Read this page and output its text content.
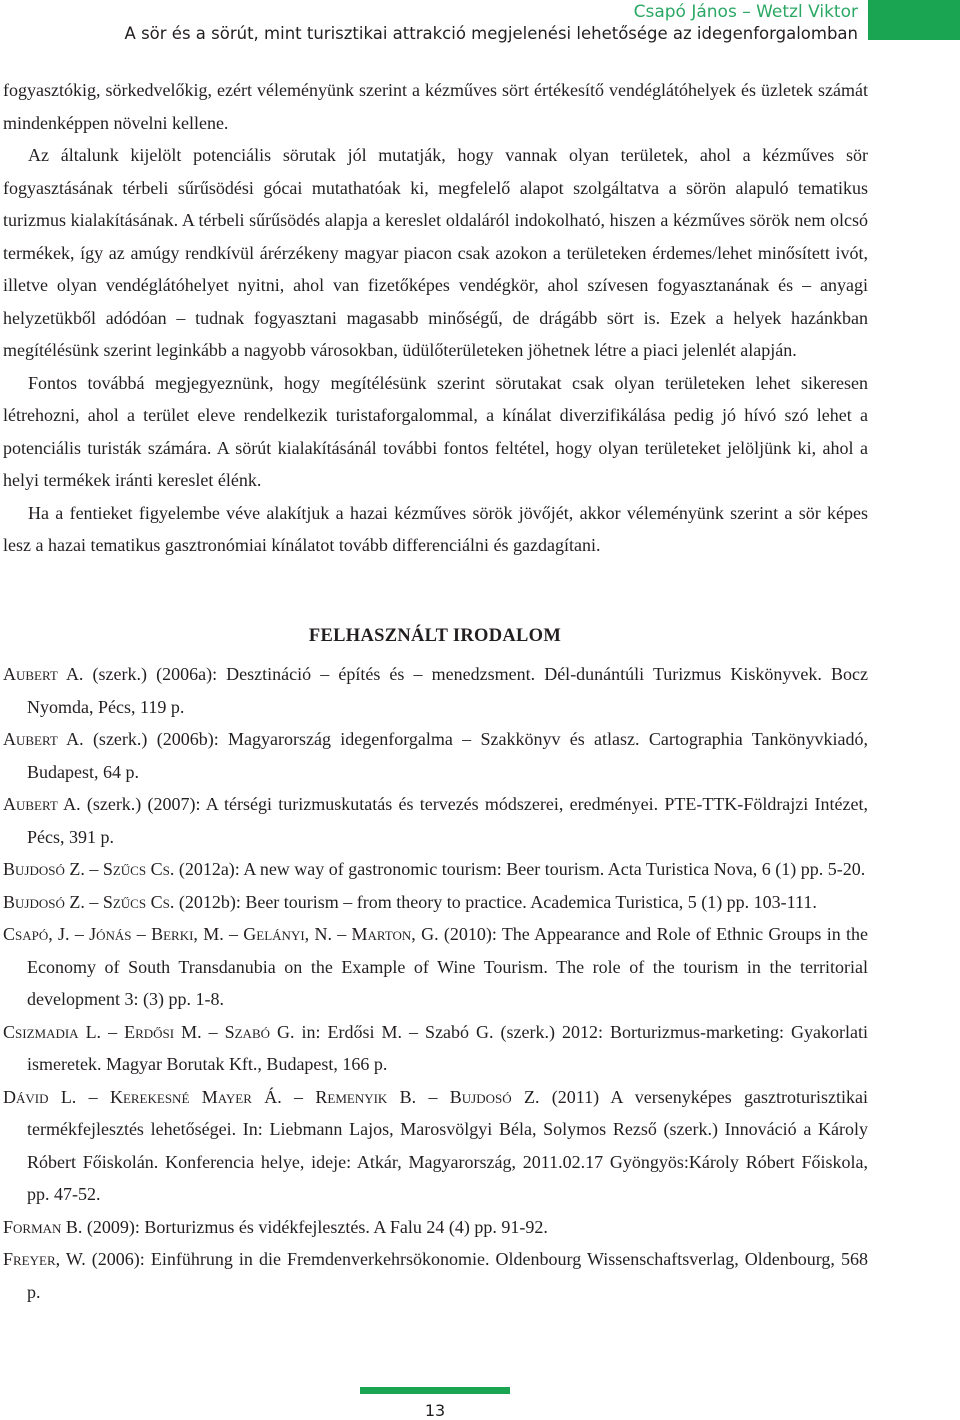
Csapó János – Wetzl Viktor
A sör és a sörút, mint turisztikai attrakció megjelenési lehetősége az idegenforgalomban

fogyasztókig, sörkedvelőkig, ezért véleményünk szerint a kézműves sört értékesítő vendéglátóhelyek és üzletek számát mindenképpen növelni kellene.

Az általunk kijelölt potenciális sörutak jól mutatják, hogy vannak olyan területek, ahol a kézműves sör fogyasztásának térbeli sűrűsödési gócai mutathatóak ki, megfelelő alapot szolgáltatva a sörön alapuló tematikus turizmus kialakításának. A térbeli sűrűsödés alapja a kereslet oldaláról indokolható, hiszen a kézműves sörök nem olcsó termékek, így az amúgy rendkívül árérzékeny magyar piacon csak azokon a területeken érdemes/lehet minősített ivót, illetve olyan vendéglátóhelyet nyitni, ahol van fizetőképes vendégkör, ahol szívesen fogyasztanának és – anyagi helyzetükből adódóan – tudnak fogyasztani magasabb minőségű, de drágább sört is. Ezek a helyek hazánkban megítélésünk szerint leginkább a nagyobb városokban, üdülőterületeken jöhetnek létre a piaci jelenlét alapján.

Fontos továbbá megjegyeznünk, hogy megítélésünk szerint sörutakat csak olyan területeken lehet sikeresen létrehozni, ahol a terület eleve rendelkezik turistaforgalommal, a kínálat diverzifikálása pedig jó hívó szó lehet a potenciális turisták számára. A sörút kialakításánál további fontos feltétel, hogy olyan területeket jelöljünk ki, ahol a helyi termékek iránti kereslet élénk.

Ha a fentieket figyelembe véve alakítjuk a hazai kézműves sörök jövőjét, akkor véleményünk szerint a sör képes lesz a hazai tematikus gasztronómiai kínálatot tovább differenciálni és gazdagítani.

FELHASZNÁLT IRODALOM

Aubert A. (szerk.) (2006a): Desztináció – építés és – menedzsment. Dél-dunántúli Turizmus Kiskönyvek. Bocz Nyomda, Pécs, 119 p.

Aubert A. (szerk.) (2006b): Magyarország idegenforgalma – Szakkönyv és atlasz. Cartographia Tankönyvkiadó, Budapest, 64 p.

Aubert A. (szerk.) (2007): A térségi turizmuskutatás és tervezés módszerei, eredményei. PTE-TTK-Földrajzi Intézet, Pécs, 391 p.

Bujdosó Z. – Szűcs Cs. (2012a): A new way of gastronomic tourism: Beer tourism. Acta Turistica Nova, 6 (1) pp. 5-20.

Bujdosó Z. – Szűcs Cs. (2012b): Beer tourism – from theory to practice. Academica Turistica, 5 (1) pp. 103-111.

Csapó, J. – Jónás – Berki, M. – Gelányi, N. – Marton, G. (2010): The Appearance and Role of Ethnic Groups in the Economy of South Transdanubia on the Example of Wine Tourism. The role of the tourism in the territorial development 3: (3) pp. 1-8.

Csizmadia L. – Erdősi M. – Szabó G. in: Erdősi M. – Szabó G. (szerk.) 2012: Borturizmus-marketing: Gyakorlati ismeretek. Magyar Borutak Kft., Budapest, 166 p.

Dávid L. – Kerekesné Mayer Á. – Remenyik B. – Bujdosó Z. (2011) A versenyképes gasztroturisztikai termékfejlesztés lehetőségei. In: Liebmann Lajos, Marosvölgyi Béla, Solymos Rezső (szerk.) Innováció a Károly Róbert Főiskolán. Konferencia helye, ideje: Atkár, Magyarország, 2011.02.17 Gyöngyös:Károly Róbert Főiskola, pp. 47-52.

Forman B. (2009): Borturizmus és vidékfejlesztés. A Falu 24 (4) pp. 91-92.

Freyer, W. (2006): Einführung in die Fremdenverkehrsökonomie. Oldenbourg Wissenschaftsverlag, Oldenbourg, 568 p.

13
